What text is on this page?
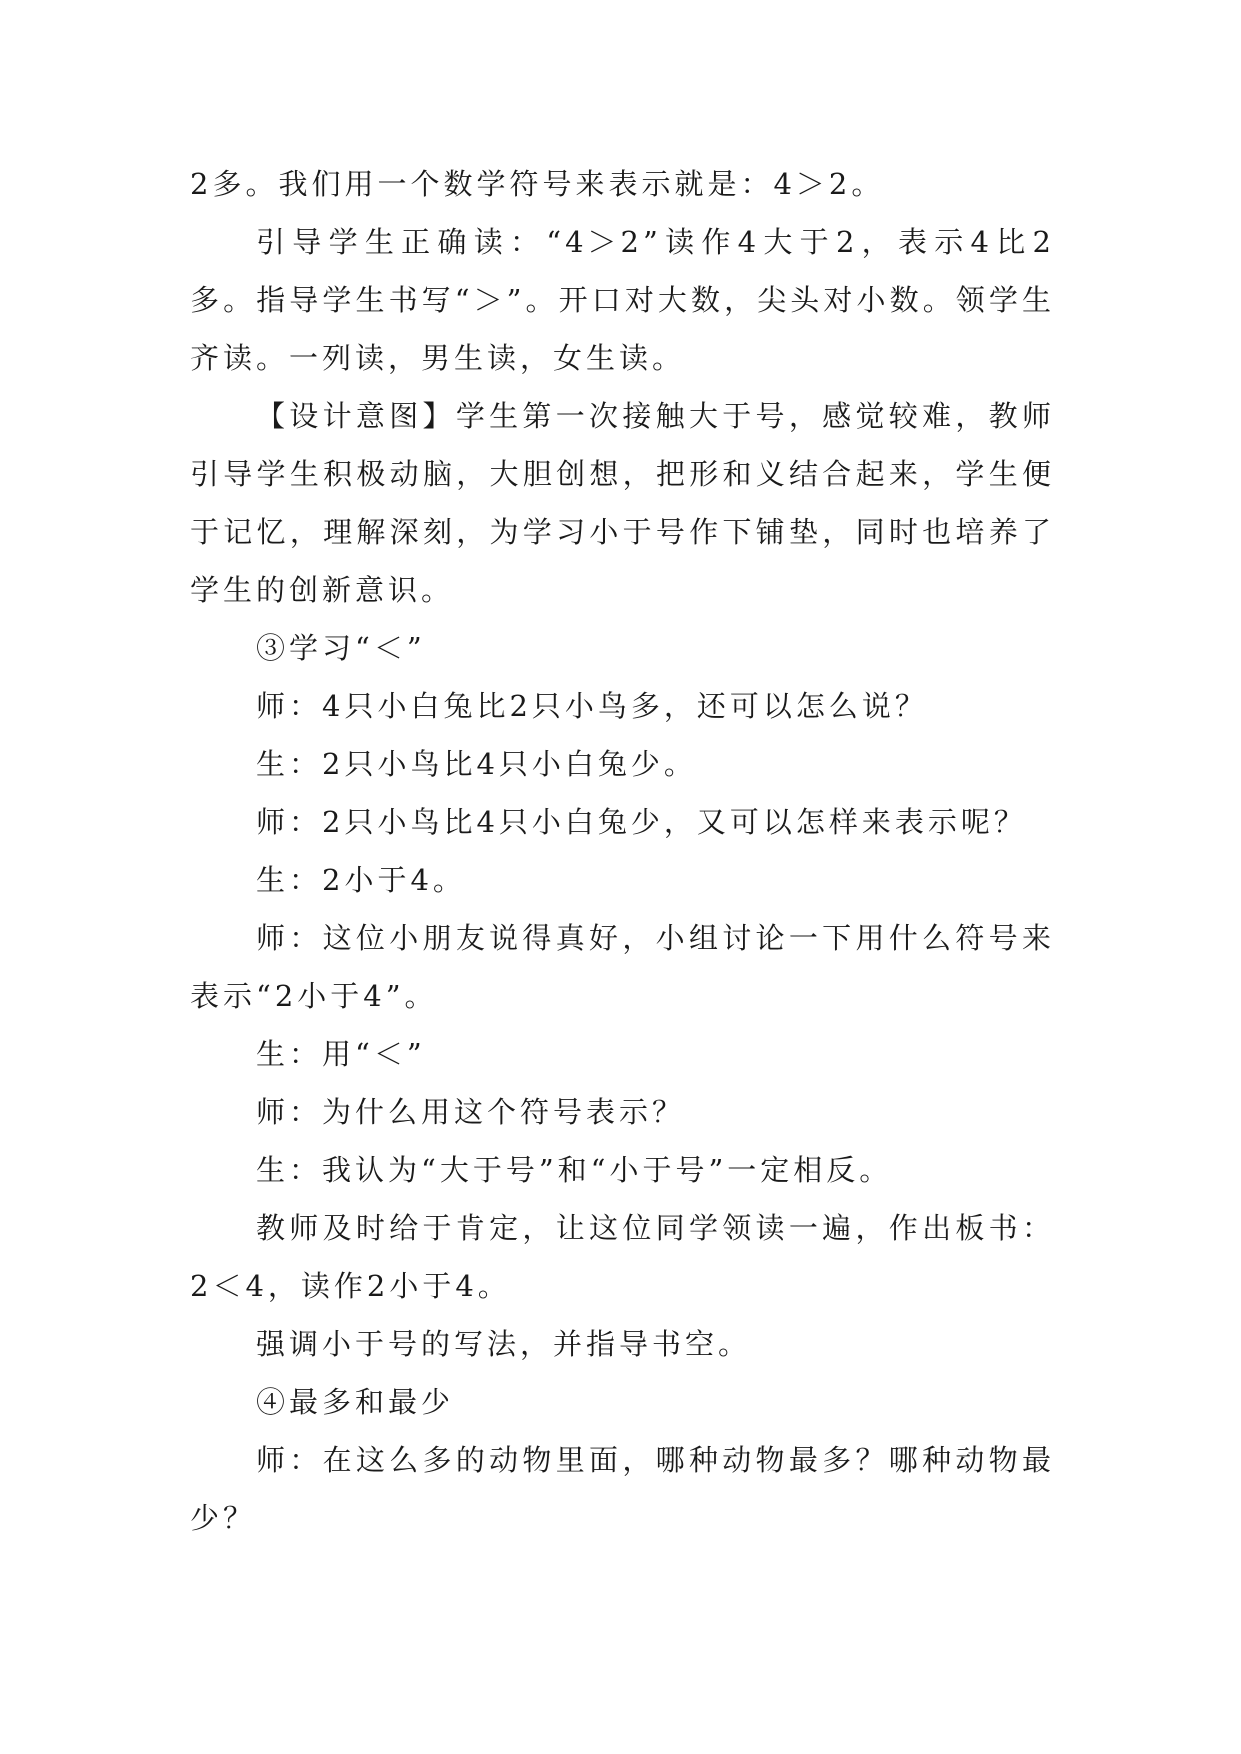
2多。我们用一个数学符号来表示就是：4＞2。

引导学生正确读：“4＞2”读作4大于2，表示4比2多。指导学生书写“＞”。开口对大数，尖头对小数。领学生齐读。一列读，男生读，女生读。

【设计意图】学生第一次接触大于号，感觉较难，教师引导学生积极动脑，大胆创想，把形和义结合起来，学生便于记忆，理解深刻，为学习小于号作下铺垫，同时也培养了学生的创新意识。

③学习“＜”

师：4只小白兔比2只小鸟多，还可以怎么说？

生：2只小鸟比4只小白兔少。

师：2只小鸟比4只小白兔少，又可以怎样来表示呢？

生：2小于4。

师：这位小朋友说得真好，小组讨论一下用什么符号来表示“2小于4”。

生：用“＜”

师：为什么用这个符号表示？

生：我认为“大于号”和“小于号”一定相反。

教师及时给于肯定，让这位同学领读一遍，作出板书：2＜4，读作2小于4。

强调小于号的写法，并指导书空。

④最多和最少

师：在这么多的动物里面，哪种动物最多？哪种动物最少？
